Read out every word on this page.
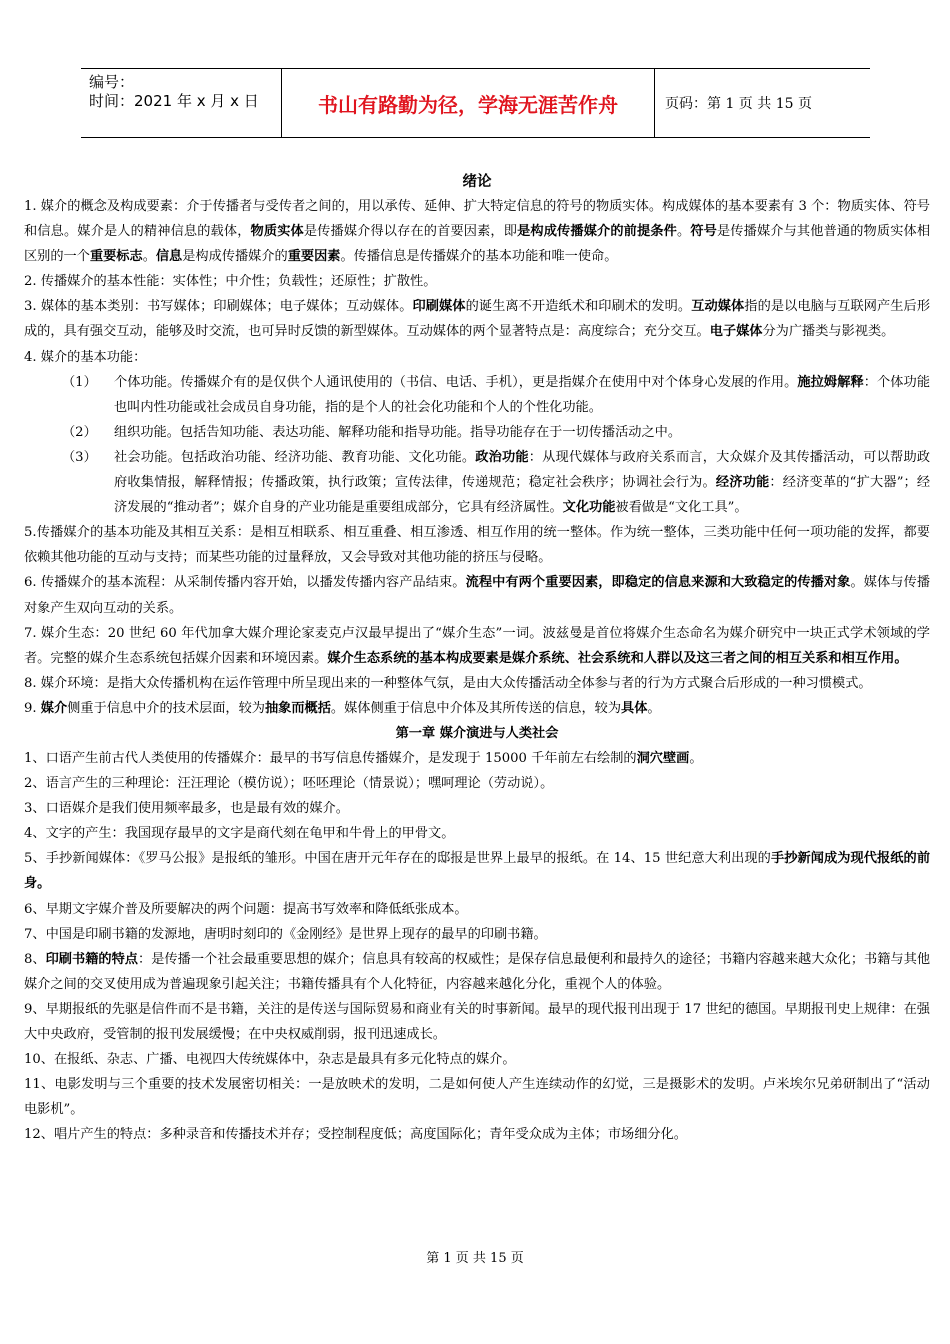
编号：
时间：2021 年 x 月 x 日	书山有路勤为径，学海无涯苦作舟	页码：第 1 页 共 15 页
绪论

1. 媒介的概念及构成要素：介于传播者与受传者之间的，用以承传、延伸、扩大特定信息的符号的物质实体。构成媒体的基本要素有 3 个：物质实体、符号和信息。媒介是人的精神信息的载体，物质实体是传播媒介得以存在的首要因素，即是构成传播媒介的前提条件。符号是传播媒介与其他普通的物质实体相区别的一个重要标志。信息是构成传播媒介的重要因素。传播信息是传播媒介的基本功能和唯一使命。

2. 传播媒介的基本性能：实体性；中介性；负载性；还原性；扩散性。

3. 媒体的基本类别：书写媒体；印刷媒体；电子媒体；互动媒体。印刷媒体的诞生离不开造纸术和印刷术的发明。互动媒体指的是以电脑与互联网产生后形成的，具有强交互动，能够及时交流，也可异时反馈的新型媒体。互动媒体的两个显著特点是：高度综合；充分交互。电子媒体分为广播类与影视类。

4. 媒介的基本功能：

（1）	个体功能。传播媒介有的是仅供个人通讯使用的（书信、电话、手机），更是指媒介在使用中对个体身心发展的作用。施拉姆解释：个体功能也叫内性功能或社会成员自身功能，指的是个人的社会化功能和个人的个性化功能。
（2）	组织功能。包括告知功能、表达功能、解释功能和指导功能。指导功能存在于一切传播活动之中。
（3）	社会功能。包括政治功能、经济功能、教育功能、文化功能。政治功能：从现代媒体与政府关系而言，大众媒介及其传播活动，可以帮助政府收集情报，解释情报；传播政策，执行政策；宣传法律，传递规范；稳定社会秩序；协调社会行为。经济功能：经济变革的“扩大器”；经济发展的“推动者”；媒介自身的产业功能是重要组成部分，它具有经济属性。文化功能被看做是“文化工具”。

5.传播媒介的基本功能及其相互关系：是相互相联系、相互重叠、相互渗透、相互作用的统一整体。作为统一整体，三类功能中任何一项功能的发挥，都要依赖其他功能的互动与支持；而某些功能的过量释放，又会导致对其他功能的挤压与侵略。

6. 传播媒介的基本流程：从采制传播内容开始，以播发传播内容产品结束。流程中有两个重要因素，即稳定的信息来源和大致稳定的传播对象。媒体与传播对象产生双向互动的关系。

7. 媒介生态：20 世纪 60 年代加拿大媒介理论家麦克卢汉最早提出了“媒介生态”一词。波兹曼是首位将媒介生态命名为媒介研究中一块正式学术领域的学者。完整的媒介生态系统包括媒介因素和环境因素。媒介生态系统的基本构成要素是媒介系统、社会系统和人群以及这三者之间的相互关系和相互作用。

8. 媒介环境：是指大众传播机构在运作管理中所呈现出来的一种整体气氛，是由大众传播活动全体参与者的行为方式聚合后形成的一种习惯模式。

9. 媒介侧重于信息中介的技术层面，较为抽象而概括。媒体侧重于信息中介体及其所传送的信息，较为具体。

第一章 媒介演进与人类社会

1、口语产生前古代人类使用的传播媒介：最早的书写信息传播媒介，是发现于 15000 千年前左右绘制的洞穴壁画。

2、语言产生的三种理论：汪汪理论（模仿说）；呸呸理论（情景说）；嘿呵理论（劳动说）。

3、口语媒介是我们使用频率最多，也是最有效的媒介。

4、文字的产生：我国现存最早的文字是商代刻在龟甲和牛骨上的甲骨文。

5、手抄新闻媒体：《罗马公报》是报纸的雏形。中国在唐开元年存在的邸报是世界上最早的报纸。在 14、15 世纪意大利出现的手抄新闻成为现代报纸的前身。

6、早期文字媒介普及所要解决的两个问题：提高书写效率和降低纸张成本。

7、中国是印刷书籍的发源地，唐明时刻印的《金刚经》是世界上现存的最早的印刷书籍。

8、印刷书籍的特点：是传播一个社会最重要思想的媒介；信息具有较高的权威性；是保存信息最便利和最持久的途径；书籍内容越来越大众化；书籍与其他媒介之间的交叉使用成为普遍现象引起关注；书籍传播具有个人化特征，内容越来越化分化，重视个人的体验。

9、早期报纸的先驱是信件而不是书籍，关注的是传送与国际贸易和商业有关的时事新闻。最早的现代报刊出现于 17 世纪的德国。早期报刊史上规律：在强大中央政府，受管制的报刊发展缓慢；在中央权威削弱，报刊迅速成长。

10、在报纸、杂志、广播、电视四大传统媒体中，杂志是最具有多元化特点的媒介。

11、电影发明与三个重要的技术发展密切相关：一是放映术的发明，二是如何使人产生连续动作的幻觉，三是摄影术的发明。卢米埃尔兄弟研制出了“活动电影机”。

12、唱片产生的特点：多种录音和传播技术并存；受控制程度低；高度国际化；青年受众成为主体；市场细分化。

第 1 页 共 15 页
